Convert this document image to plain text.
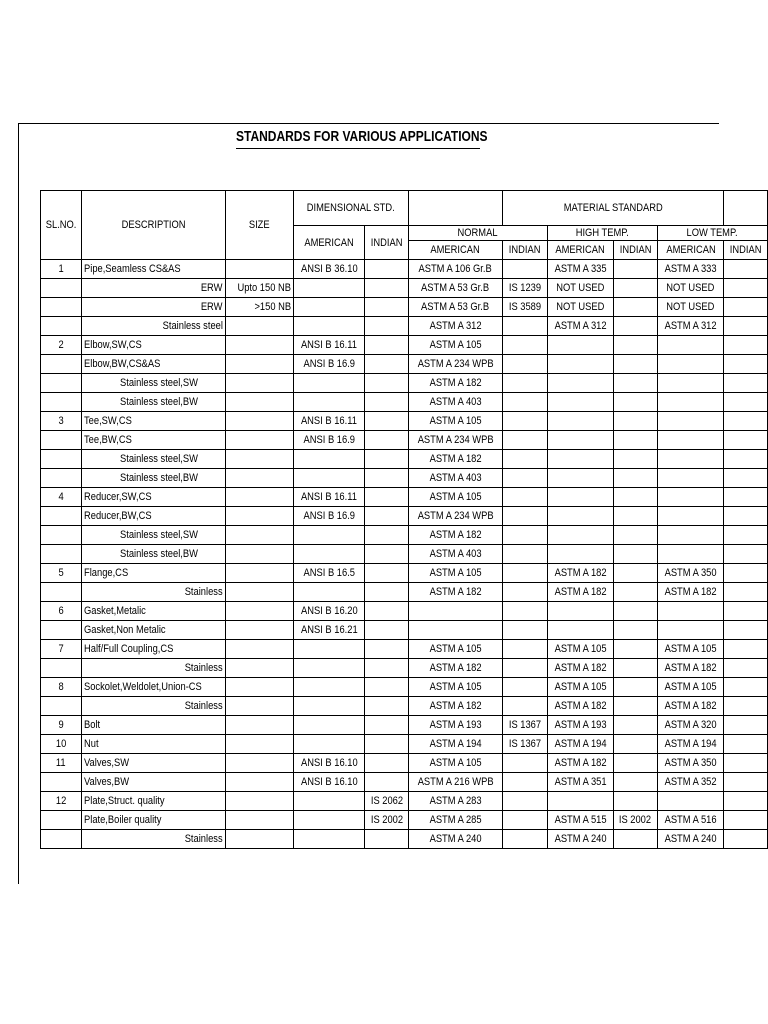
STANDARDS FOR VARIOUS APPLICATIONS
SL.NO.	DESCRIPTION	SIZE	DIMENSIONAL STD.			MATERIAL STANDARD				
			AMERICAN	INDIAN	NORMAL		HIGH TEMP.		LOW TEMP.	
					AMERICAN	INDIAN	AMERICAN	INDIAN	AMERICAN	INDIAN
1	Pipe,Seamless CS&AS		ANSI B 36.10		ASTM A 106 Gr.B		ASTM A 335		ASTM A 333	
	ERW	Upto 150 NB			ASTM A 53 Gr.B	IS 1239	NOT USED		NOT USED	
	ERW	>150 NB			ASTM A 53 Gr.B	IS 3589	NOT USED		NOT USED	
	Stainless steel				ASTM A 312		ASTM A 312		ASTM A 312	
2	Elbow,SW,CS		ANSI B 16.11		ASTM A 105					
	Elbow,BW,CS&AS		ANSI B 16.9		ASTM A 234 WPB					
	Stainless steel,SW				ASTM A 182					
	Stainless steel,BW				ASTM A 403					
3	Tee,SW,CS		ANSI B 16.11		ASTM A 105					
	Tee,BW,CS		ANSI B 16.9		ASTM A 234 WPB					
	Stainless steel,SW				ASTM A 182					
	Stainless steel,BW				ASTM A 403					
4	Reducer,SW,CS		ANSI B 16.11		ASTM A 105					
	Reducer,BW,CS		ANSI B 16.9		ASTM A 234 WPB					
	Stainless steel,SW				ASTM A 182					
	Stainless steel,BW				ASTM A 403					
5	Flange,CS		ANSI B 16.5		ASTM A 105		ASTM A 182		ASTM A 350	
	Stainless				ASTM A 182		ASTM A 182		ASTM A 182	
6	Gasket,Metalic		ANSI B 16.20							
	Gasket,Non Metalic		ANSI B 16.21							
7	Half/Full Coupling,CS				ASTM A 105		ASTM A 105		ASTM A 105	
	Stainless				ASTM A 182		ASTM A 182		ASTM A 182	
8	Sockolet,Weldolet,Union-CS				ASTM A 105		ASTM A 105		ASTM A 105	
	Stainless				ASTM A 182		ASTM A 182		ASTM A 182	
9	Bolt				ASTM A 193	IS 1367	ASTM A 193		ASTM A 320	
10	Nut				ASTM A 194	IS 1367	ASTM A 194		ASTM A 194	
11	Valves,SW		ANSI B 16.10		ASTM A 105		ASTM A 182		ASTM A 350	
	Valves,BW		ANSI B 16.10		ASTM A 216 WPB		ASTM A 351		ASTM A 352	
12	Plate,Struct. quality			IS 2062	ASTM A 283					
	Plate,Boiler quality			IS 2002	ASTM A 285		ASTM A 515	IS 2002	ASTM A 516	
	Stainless				ASTM A 240		ASTM A 240		ASTM A 240	
